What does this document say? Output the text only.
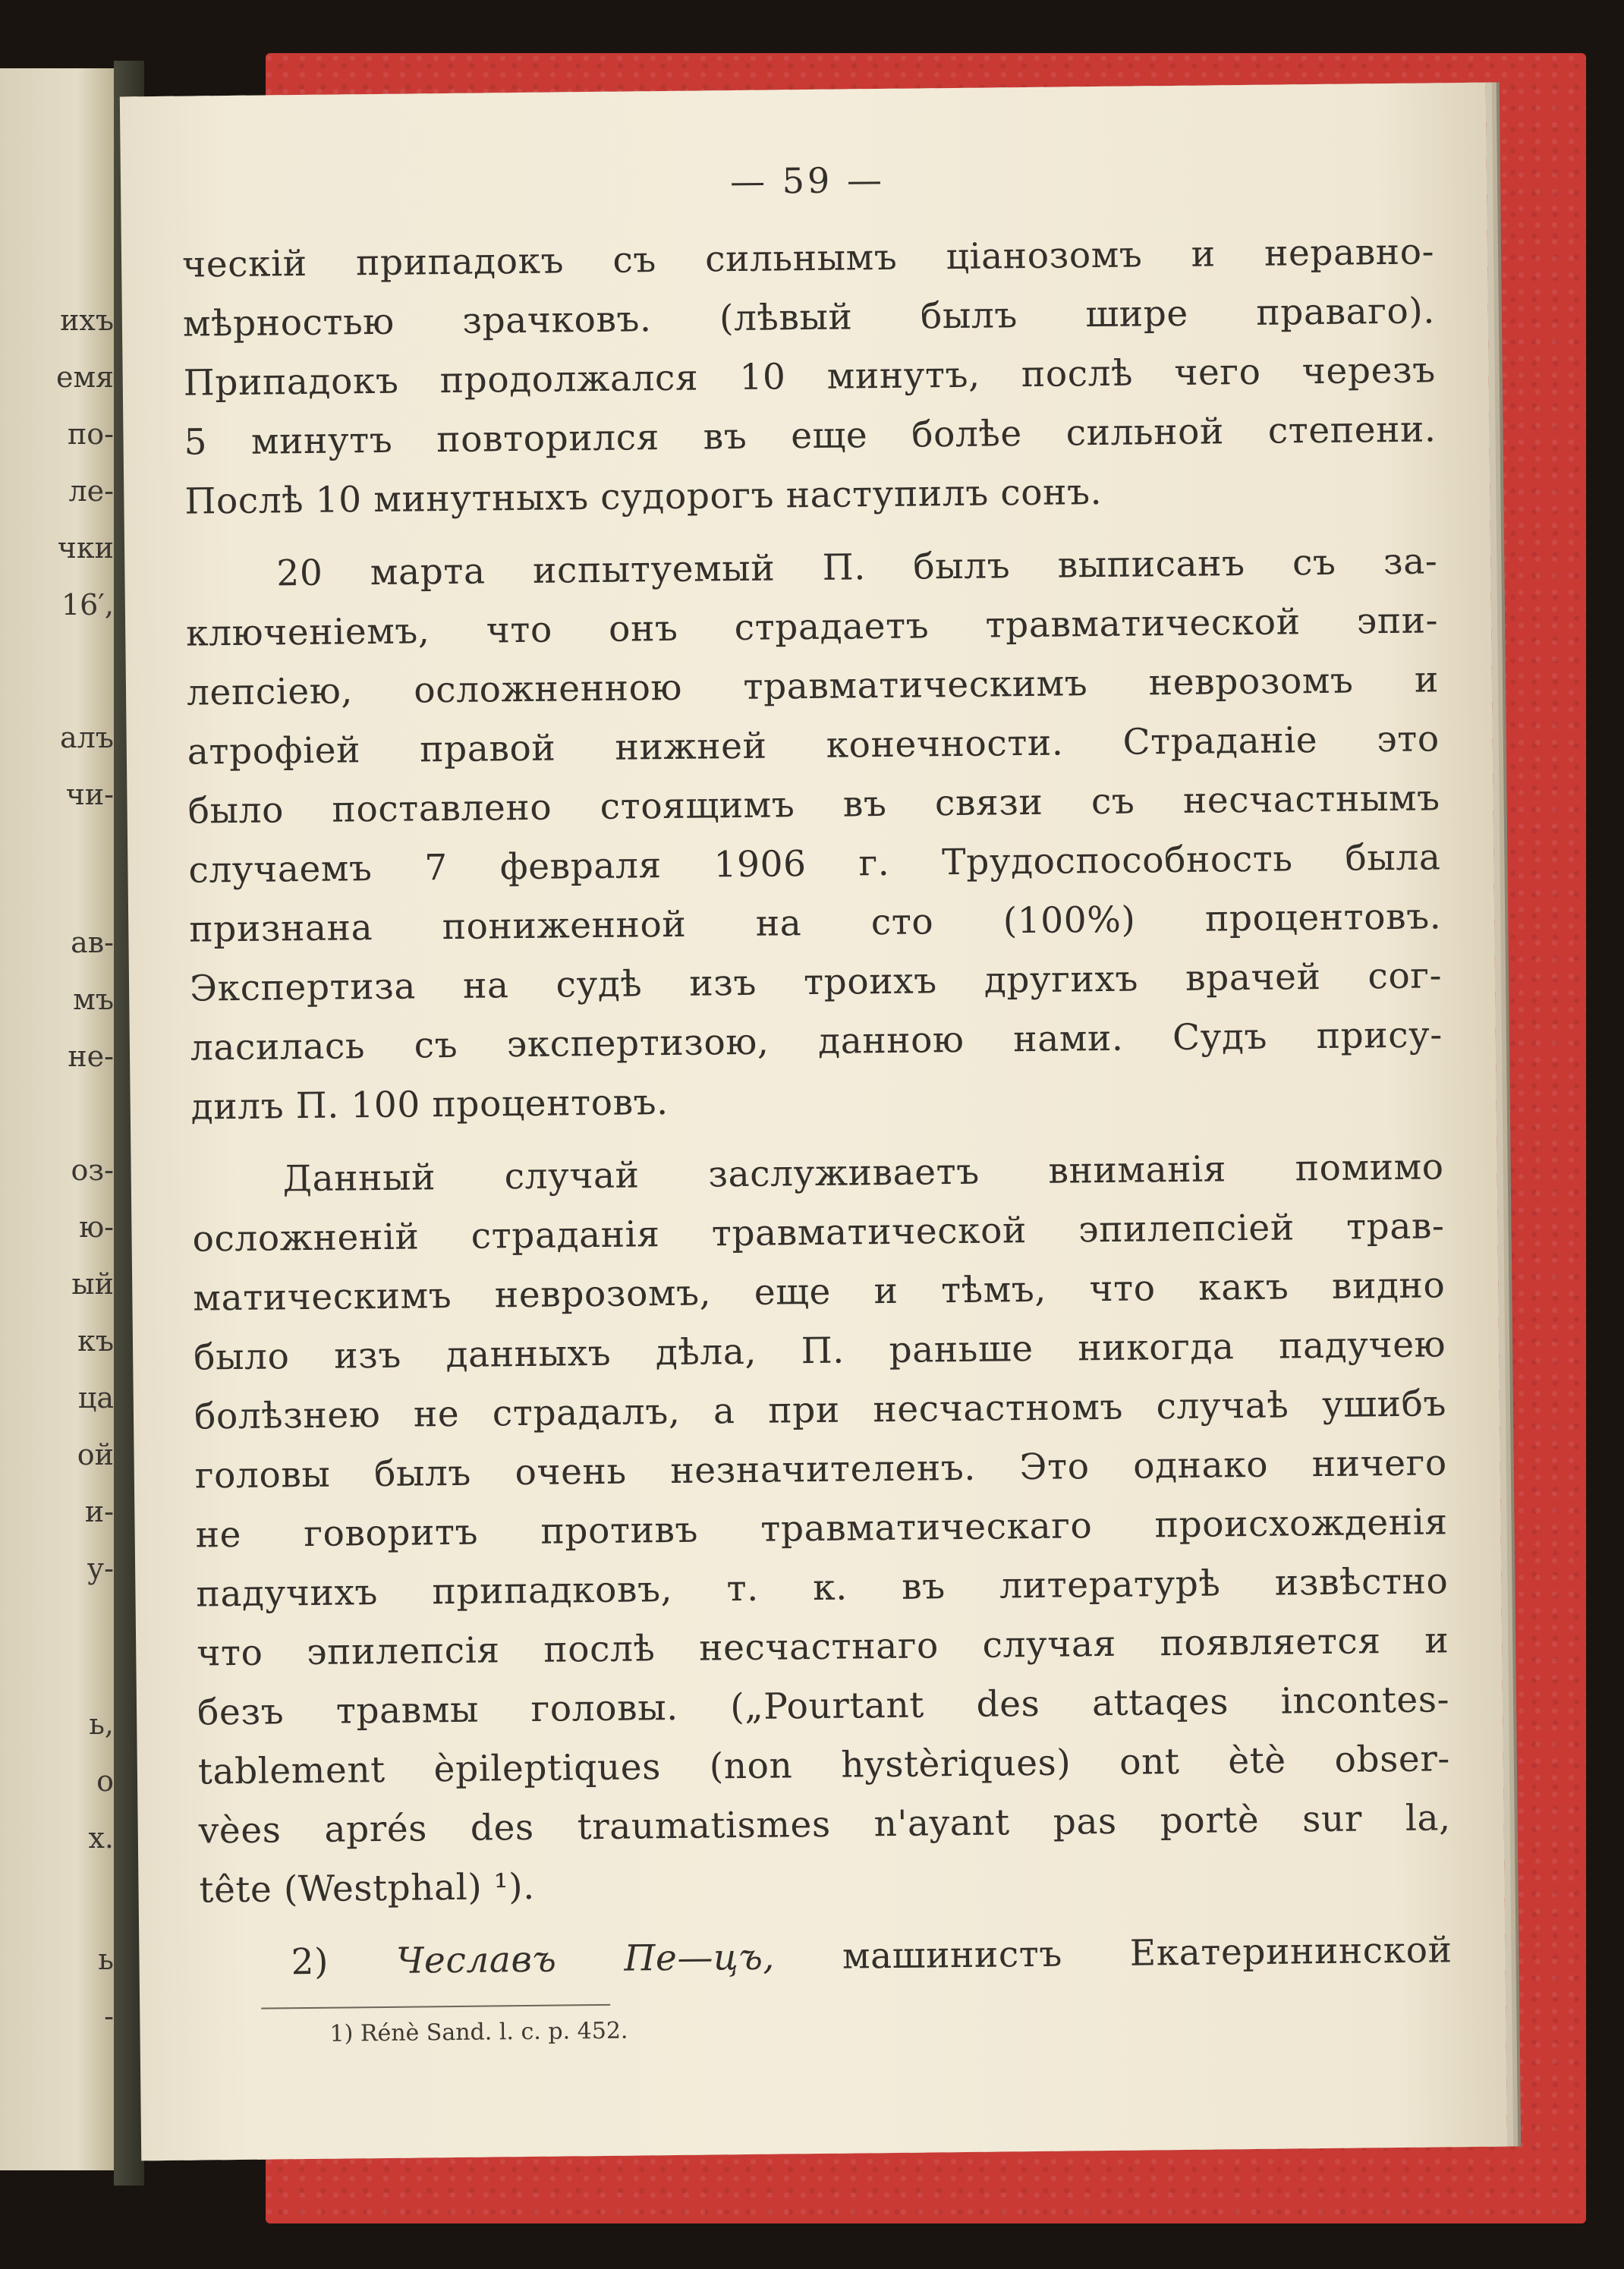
ихъ
емя
по-
ле-
чки
16′,
алъ
чи-
ав-
мъ
не-
оз-
ю-
ый
къ
ца
ой
и-
у-
ь,
о
х.
ь
-
— 59 —
ческій припадокъ съ сильнымъ ціанозомъ и неравно-
мѣрностью зрачковъ. (лѣвый былъ шире праваго).
Припадокъ продолжался 10 минутъ, послѣ чего черезъ
5 минутъ повторился въ еще болѣе сильной степени.
Послѣ 10 минутныхъ судорогъ наступилъ сонъ.
20 марта испытуемый П. былъ выписанъ съ за-
ключеніемъ, что онъ страдаетъ травматической эпи-
лепсіею, осложненною травматическимъ неврозомъ и
атрофіей правой нижней конечности. Страданіе это
было поставлено стоящимъ въ связи съ несчастнымъ
случаемъ 7 февраля 1906 г. Трудоспособность была
признана пониженной на сто (100%) процентовъ.
Экспертиза на судѣ изъ троихъ другихъ врачей сог-
ласилась съ экспертизою, данною нами. Судъ прису-
дилъ П. 100 процентовъ.
Данный случай заслуживаетъ вниманія помимо
осложненій страданія травматической эпилепсіей трав-
матическимъ неврозомъ, еще и тѣмъ, что какъ видно
было изъ данныхъ дѣла, П. раньше никогда падучею
болѣзнею не страдалъ, а при несчастномъ случаѣ ушибъ
головы былъ очень незначителенъ. Это однако ничего
не говоритъ противъ травматическаго происхожденія
падучихъ припадковъ, т. к. въ литературѣ извѣстно
что эпилепсія послѣ несчастнаго случая появляется и
безъ травмы головы. („Pourtant des attaqes incontes-
tablement èpileptiques (non hystèriques) ont ètè obser-
vèes aprés des traumatismes n'ayant pas portè sur la,
tête (Westphal) ¹).
2) Чеславъ Пе—цъ, машинистъ Екатерининской
1) Rénè Sand. l. c. p. 452.
